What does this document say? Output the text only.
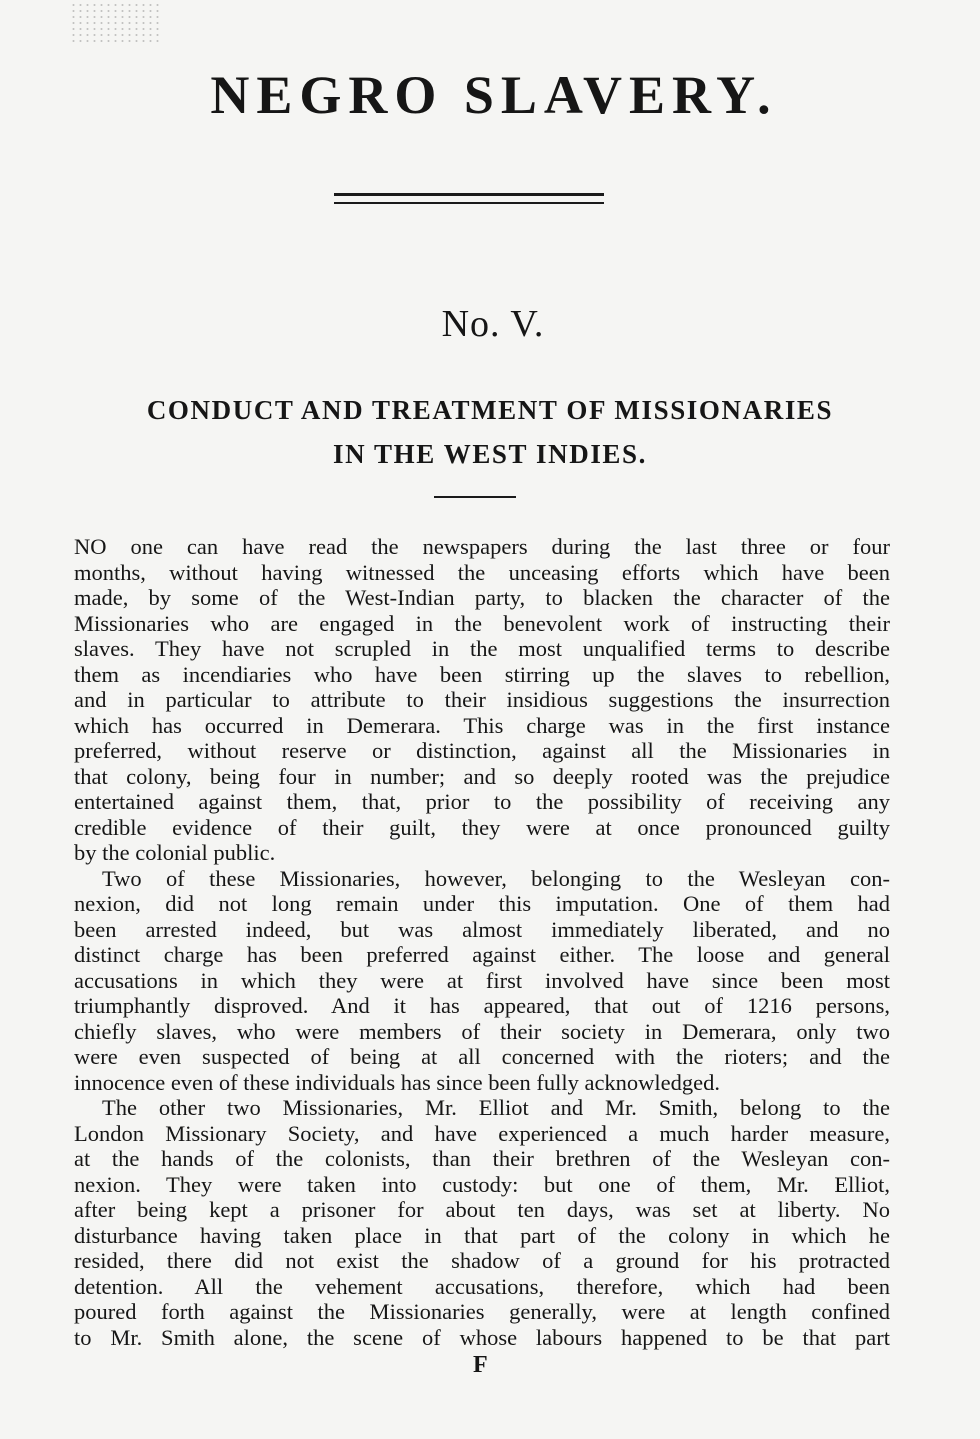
NEGRO SLAVERY.
No. V.
CONDUCT AND TREATMENT OF MISSIONARIES
IN THE WEST INDIES.
NO one can have read the newspapers during the last three or four
months, without having witnessed the unceasing efforts which have been
made, by some of the West-Indian party, to blacken the character of the
Missionaries who are engaged in the benevolent work of instructing their
slaves. They have not scrupled in the most unqualified terms to describe
them as incendiaries who have been stirring up the slaves to rebellion,
and in particular to attribute to their insidious suggestions the insurrection
which has occurred in Demerara. This charge was in the first instance
preferred, without reserve or distinction, against all the Missionaries in
that colony, being four in number; and so deeply rooted was the prejudice
entertained against them, that, prior to the possibility of receiving any
credible evidence of their guilt, they were at once pronounced guilty
by the colonial public.
Two of these Missionaries, however, belonging to the Wesleyan con-
nexion, did not long remain under this imputation. One of them had
been arrested indeed, but was almost immediately liberated, and no
distinct charge has been preferred against either. The loose and general
accusations in which they were at first involved have since been most
triumphantly disproved. And it has appeared, that out of 1216 persons,
chiefly slaves, who were members of their society in Demerara, only two
were even suspected of being at all concerned with the rioters; and the
innocence even of these individuals has since been fully acknowledged.
The other two Missionaries, Mr. Elliot and Mr. Smith, belong to the
London Missionary Society, and have experienced a much harder measure,
at the hands of the colonists, than their brethren of the Wesleyan con-
nexion. They were taken into custody: but one of them, Mr. Elliot,
after being kept a prisoner for about ten days, was set at liberty. No
disturbance having taken place in that part of the colony in which he
resided, there did not exist the shadow of a ground for his protracted
detention. All the vehement accusations, therefore, which had been
poured forth against the Missionaries generally, were at length confined
to Mr. Smith alone, the scene of whose labours happened to be that part
F
